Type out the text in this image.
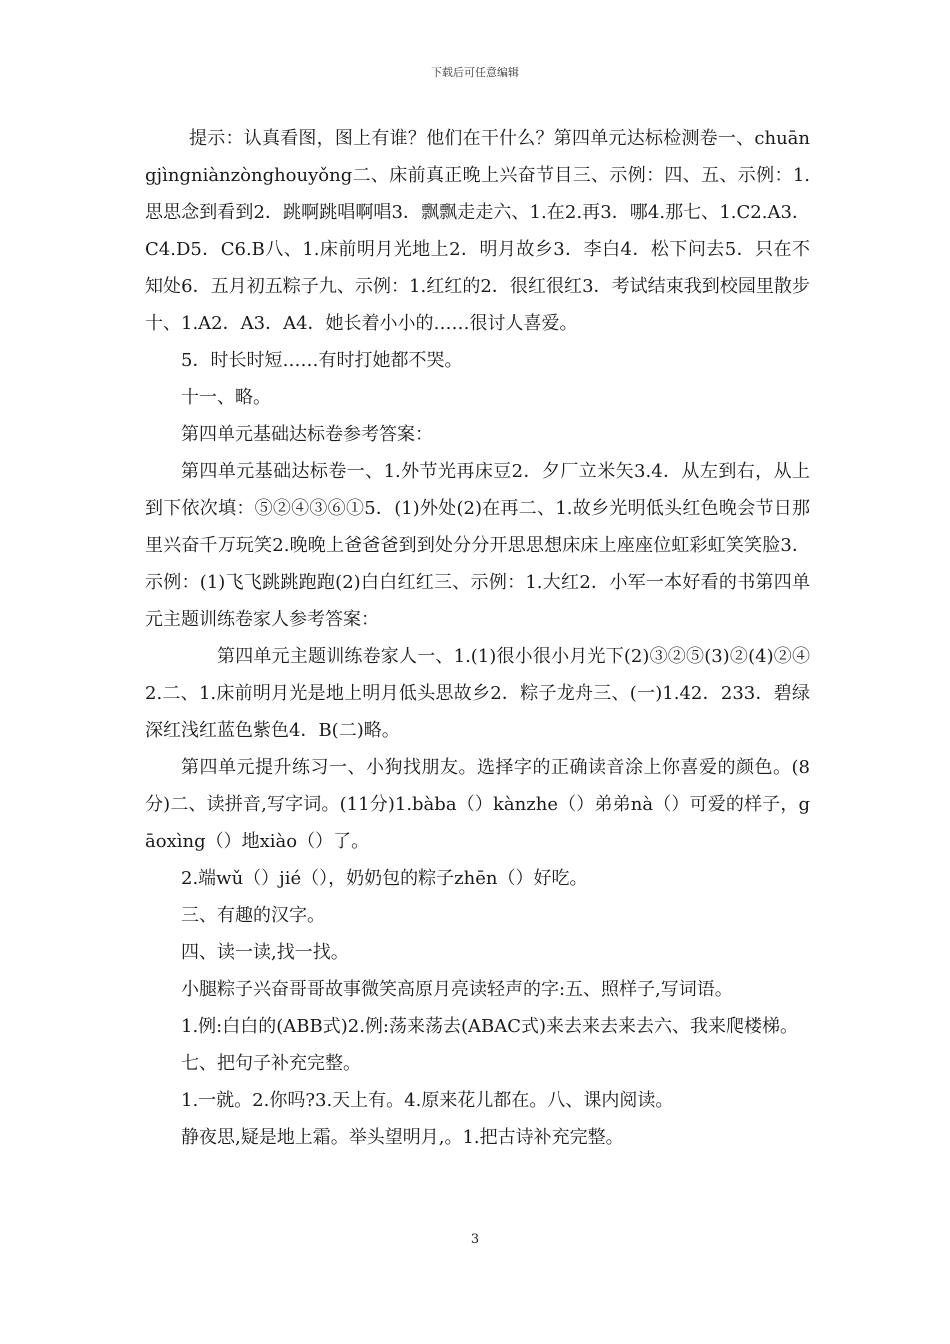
下载后可任意编辑

提示：认真看图，图上有谁？他们在干什么？第四单元达标检测卷一、chuāngjìngniànzònghouyǒng二、床前真正晚上兴奋节目三、示例：四、五、示例：1.思思念到看到2．跳啊跳唱啊唱3．飘飘走走六、1.在2.再3．哪4.那七、1.C2.A3．C4.D5．C6.B八、1.床前明月光地上2．明月故乡3．李白4．松下问去5．只在不知处6．五月初五粽子九、示例：1.红红的2．很红很红3．考试结束我到校园里散步十、1.A2．A3．A4．她长着小小的……很讨人喜爱。

5．时长时短……有时打她都不哭。

十一、略。

第四单元基础达标卷参考答案：

第四单元基础达标卷一、1.外节光再床豆2．夕厂立米矢3.4．从左到右，从上到下依次填：⑤②④③⑥①5．(1)外处(2)在再二、1.故乡光明低头红色晚会节日那里兴奋千万玩笑2.晚晚上爸爸爸到到处分分开思思想床床上座座位虹彩虹笑笑脸3．示例：(1)飞飞跳跳跑跑(2)白白红红三、示例：1.大红2．小军一本好看的书第四单元主题训练卷家人参考答案：

第四单元主题训练卷家人一、1.(1)很小很小月光下(2)③②⑤(3)②(4)②④2.二、1.床前明月光是地上明月低头思故乡2．粽子龙舟三、(一)1.42．233．碧绿深红浅红蓝色紫色4．B(二)略。

第四单元提升练习一、小狗找朋友。选择字的正确读音涂上你喜爱的颜色。(8分)二、读拼音,写字词。(11分)1.bàba（）kànzhe（）弟弟nà（）可爱的样子，gāoxìng（）地xiào（）了。

2.端wǔ（）jié（），奶奶包的粽子zhēn（）好吃。

三、有趣的汉字。

四、读一读,找一找。

小腿粽子兴奋哥哥故事微笑高原月亮读轻声的字:五、照样子,写词语。

1.例:白白的(ABB式)2.例:荡来荡去(ABAC式)来去来去来去六、我来爬楼梯。

七、把句子补充完整。

1.一就。2.你吗?3.天上有。4.原来花儿都在。八、课内阅读。

静夜思,疑是地上霜。举头望明月,。1.把古诗补充完整。

3
